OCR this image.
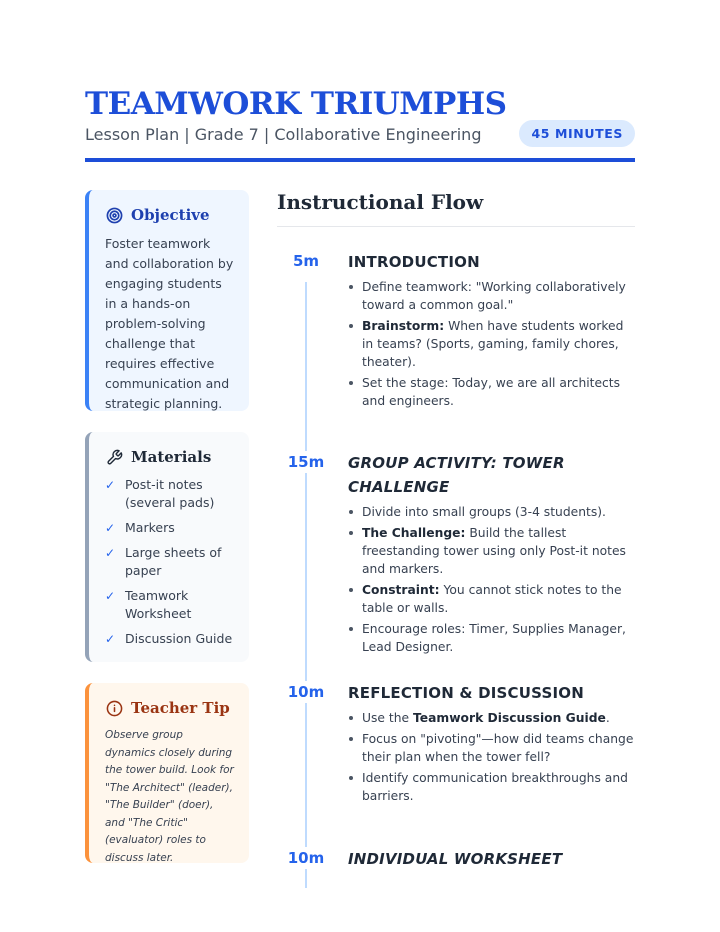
TEAMWORK TRIUMPHS
Lesson Plan | Grade 7 | Collaborative Engineering	45 MINUTES
Objective
Foster teamwork and collaboration by engaging students in a hands-on problem-solving challenge that requires effective communication and strategic planning.
Materials
✓ Post-it notes (several pads)
✓ Markers
✓ Large sheets of paper
✓ Teamwork Worksheet
✓ Discussion Guide
Teacher Tip
Observe group dynamics closely during the tower build. Look for "The Architect" (leader), "The Builder" (doer), and "The Critic" (evaluator) roles to discuss later.
Instructional Flow
5m	INTRODUCTION
Define teamwork: "Working collaboratively toward a common goal."
Brainstorm: When have students worked in teams? (Sports, gaming, family chores, theater).
Set the stage: Today, we are all architects and engineers.
15m	GROUP ACTIVITY: TOWER CHALLENGE
Divide into small groups (3-4 students).
The Challenge: Build the tallest freestanding tower using only Post-it notes and markers.
Constraint: You cannot stick notes to the table or walls.
Encourage roles: Timer, Supplies Manager, Lead Designer.
10m	REFLECTION & DISCUSSION
Use the Teamwork Discussion Guide.
Focus on "pivoting"—how did teams change their plan when the tower fell?
Identify communication breakthroughs and barriers.
10m	INDIVIDUAL WORKSHEET
